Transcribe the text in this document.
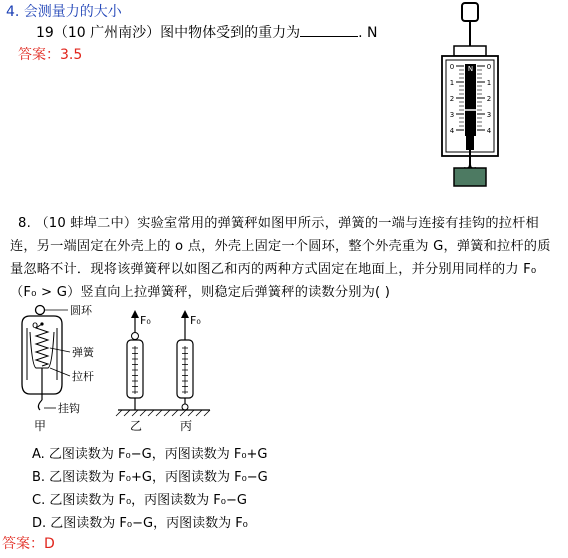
4. 会测量力的大小
19（10 广州南沙）图中物体受到的重力为	. N
答案：3.5
N
0	0
1	1
2	2
3	3
4	4
8. （10 蚌埠二中）实验室常用的弹簧秤如图甲所示，弹簧的一端与连接有挂钩的拉杆相
连，另一端固定在外壳上的 o 点，外壳上固定一个圆环，整个外壳重为 G，弹簧和拉杆的质
量忽略不计．现将该弹簧秤以如图乙和丙的两种方式固定在地面上，并分别用同样的力 F₀
（F₀ > G）竖直向上拉弹簧秤，则稳定后弹簧秤的读数分别为( )
圆环
o
弹簧
拉杆
挂钩
甲
F₀
乙
F₀
丙
A. 乙图读数为 F₀−G，丙图读数为 F₀+G
B. 乙图读数为 F₀+G，丙图读数为 F₀−G
C. 乙图读数为 F₀，丙图读数为 F₀−G
D. 乙图读数为 F₀−G，丙图读数为 F₀
答案：D
